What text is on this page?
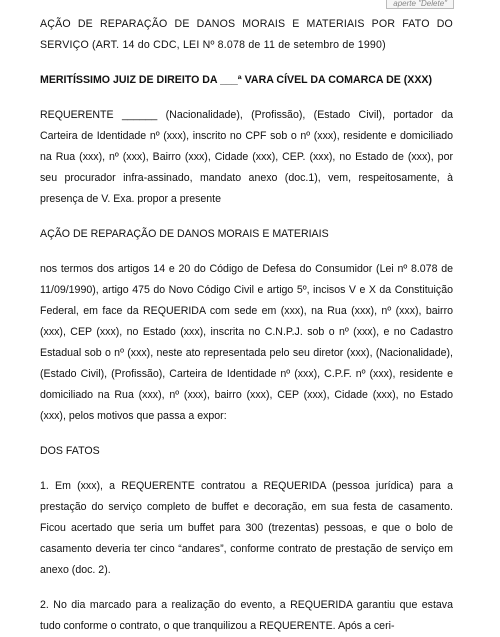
aperte "Delete"

AÇÃO DE REPARAÇÃO DE DANOS MORAIS E MATERIAIS POR FATO DO SERVIÇO (ART. 14 do CDC, LEI Nº 8.078 de 11 de setembro de 1990)

MERITÍSSIMO JUIZ DE DIREITO DA ___ª VARA CÍVEL DA COMARCA DE (XXX)

REQUERENTE ______ (Nacionalidade), (Profissão), (Estado Civil), portador da Carteira de Identidade nº (xxx), inscrito no CPF sob o nº (xxx), residente e domiciliado na Rua (xxx), nº (xxx), Bairro (xxx), Cidade (xxx), CEP. (xxx), no Estado de (xxx), por seu procurador infra-assinado, mandato anexo (doc.1), vem, respeitosamente, à presença de V. Exa. propor a presente

AÇÃO DE REPARAÇÃO DE DANOS MORAIS E MATERIAIS

nos termos dos artigos 14 e 20 do Código de Defesa do Consumidor (Lei nº 8.078 de 11/09/1990), artigo 475 do Novo Código Civil e artigo 5º, incisos V e X da Constituição Federal, em face da REQUERIDA com sede em (xxx), na Rua (xxx), nº (xxx), bairro (xxx), CEP (xxx), no Estado (xxx), inscrita no C.N.P.J. sob o nº (xxx), e no Cadastro Estadual sob o nº (xxx), neste ato representada pelo seu diretor (xxx), (Nacionalidade), (Estado Civil), (Profissão), Carteira de Identidade nº (xxx), C.P.F. nº (xxx), residente e domiciliado na Rua (xxx), nº (xxx), bairro (xxx), CEP (xxx), Cidade (xxx), no Estado (xxx), pelos motivos que passa a expor:

DOS FATOS

1. Em (xxx), a REQUERENTE contratou a REQUERIDA (pessoa jurídica) para a prestação do serviço completo de buffet e decoração, em sua festa de casamento. Ficou acertado que seria um buffet para 300 (trezentas) pessoas, e que o bolo de casamento deveria ter cinco “andares”, conforme contrato de prestação de serviço em anexo (doc. 2).

2. No dia marcado para a realização do evento, a REQUERIDA garantiu que estava tudo conforme o contrato, o que tranquilizou a REQUERENTE. Após a ceri-
